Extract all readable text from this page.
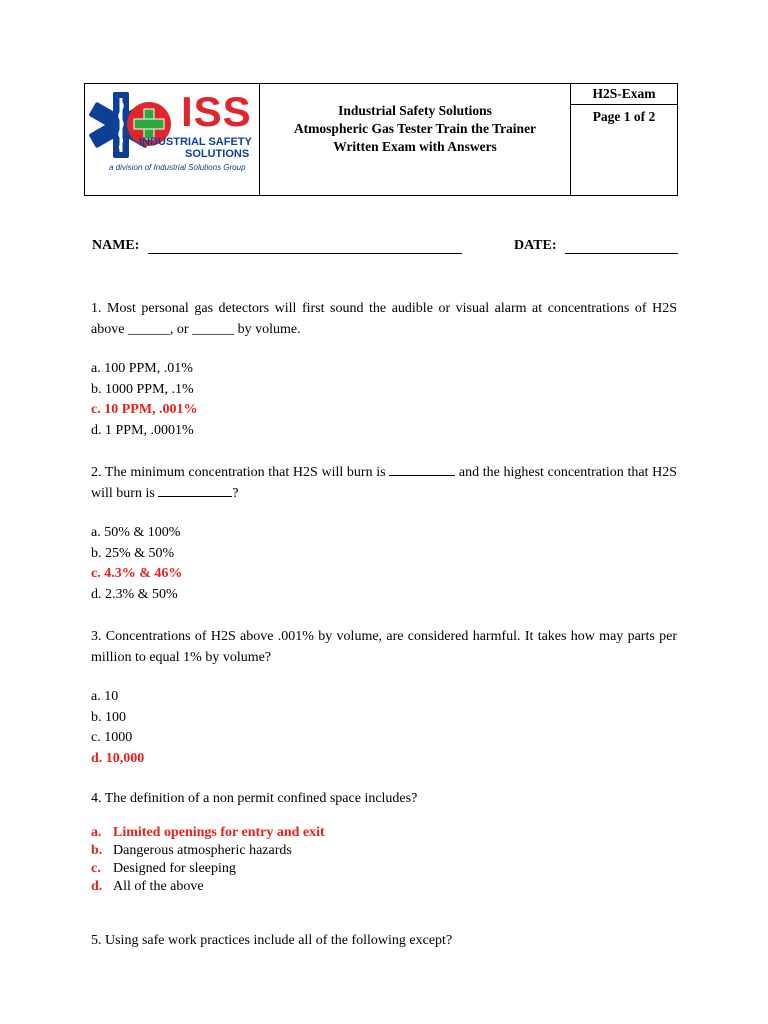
ISS
INDUSTRIAL SAFETY
SOLUTIONS
a division of Industrial Solutions Group
Industrial Safety Solutions
Atmospheric Gas Tester Train the Trainer
Written Exam with Answers
H2S-Exam
Page 1 of 2
NAME:	DATE:
1. Most personal gas detectors will first sound the audible or visual alarm at concentrations of H2S above ______, or ______ by volume.
a. 100 PPM, .01%
b. 1000 PPM, .1%
c. 10 PPM, .001%
d. 1 PPM, .0001%
2. The minimum concentration that H2S will burn is	and the highest concentration that H2S will burn is	?
a. 50% & 100%
b. 25% & 50%
c. 4.3% & 46%
d. 2.3% & 50%
3. Concentrations of H2S above .001% by volume, are considered harmful. It takes how may parts per million to equal 1% by volume?
a. 10
b. 100
c. 1000
d. 10,000
4. The definition of a non permit confined space includes?
a. Limited openings for entry and exit
b. Dangerous atmospheric hazards
c. Designed for sleeping
d. All of the above
5. Using safe work practices include all of the following except?
